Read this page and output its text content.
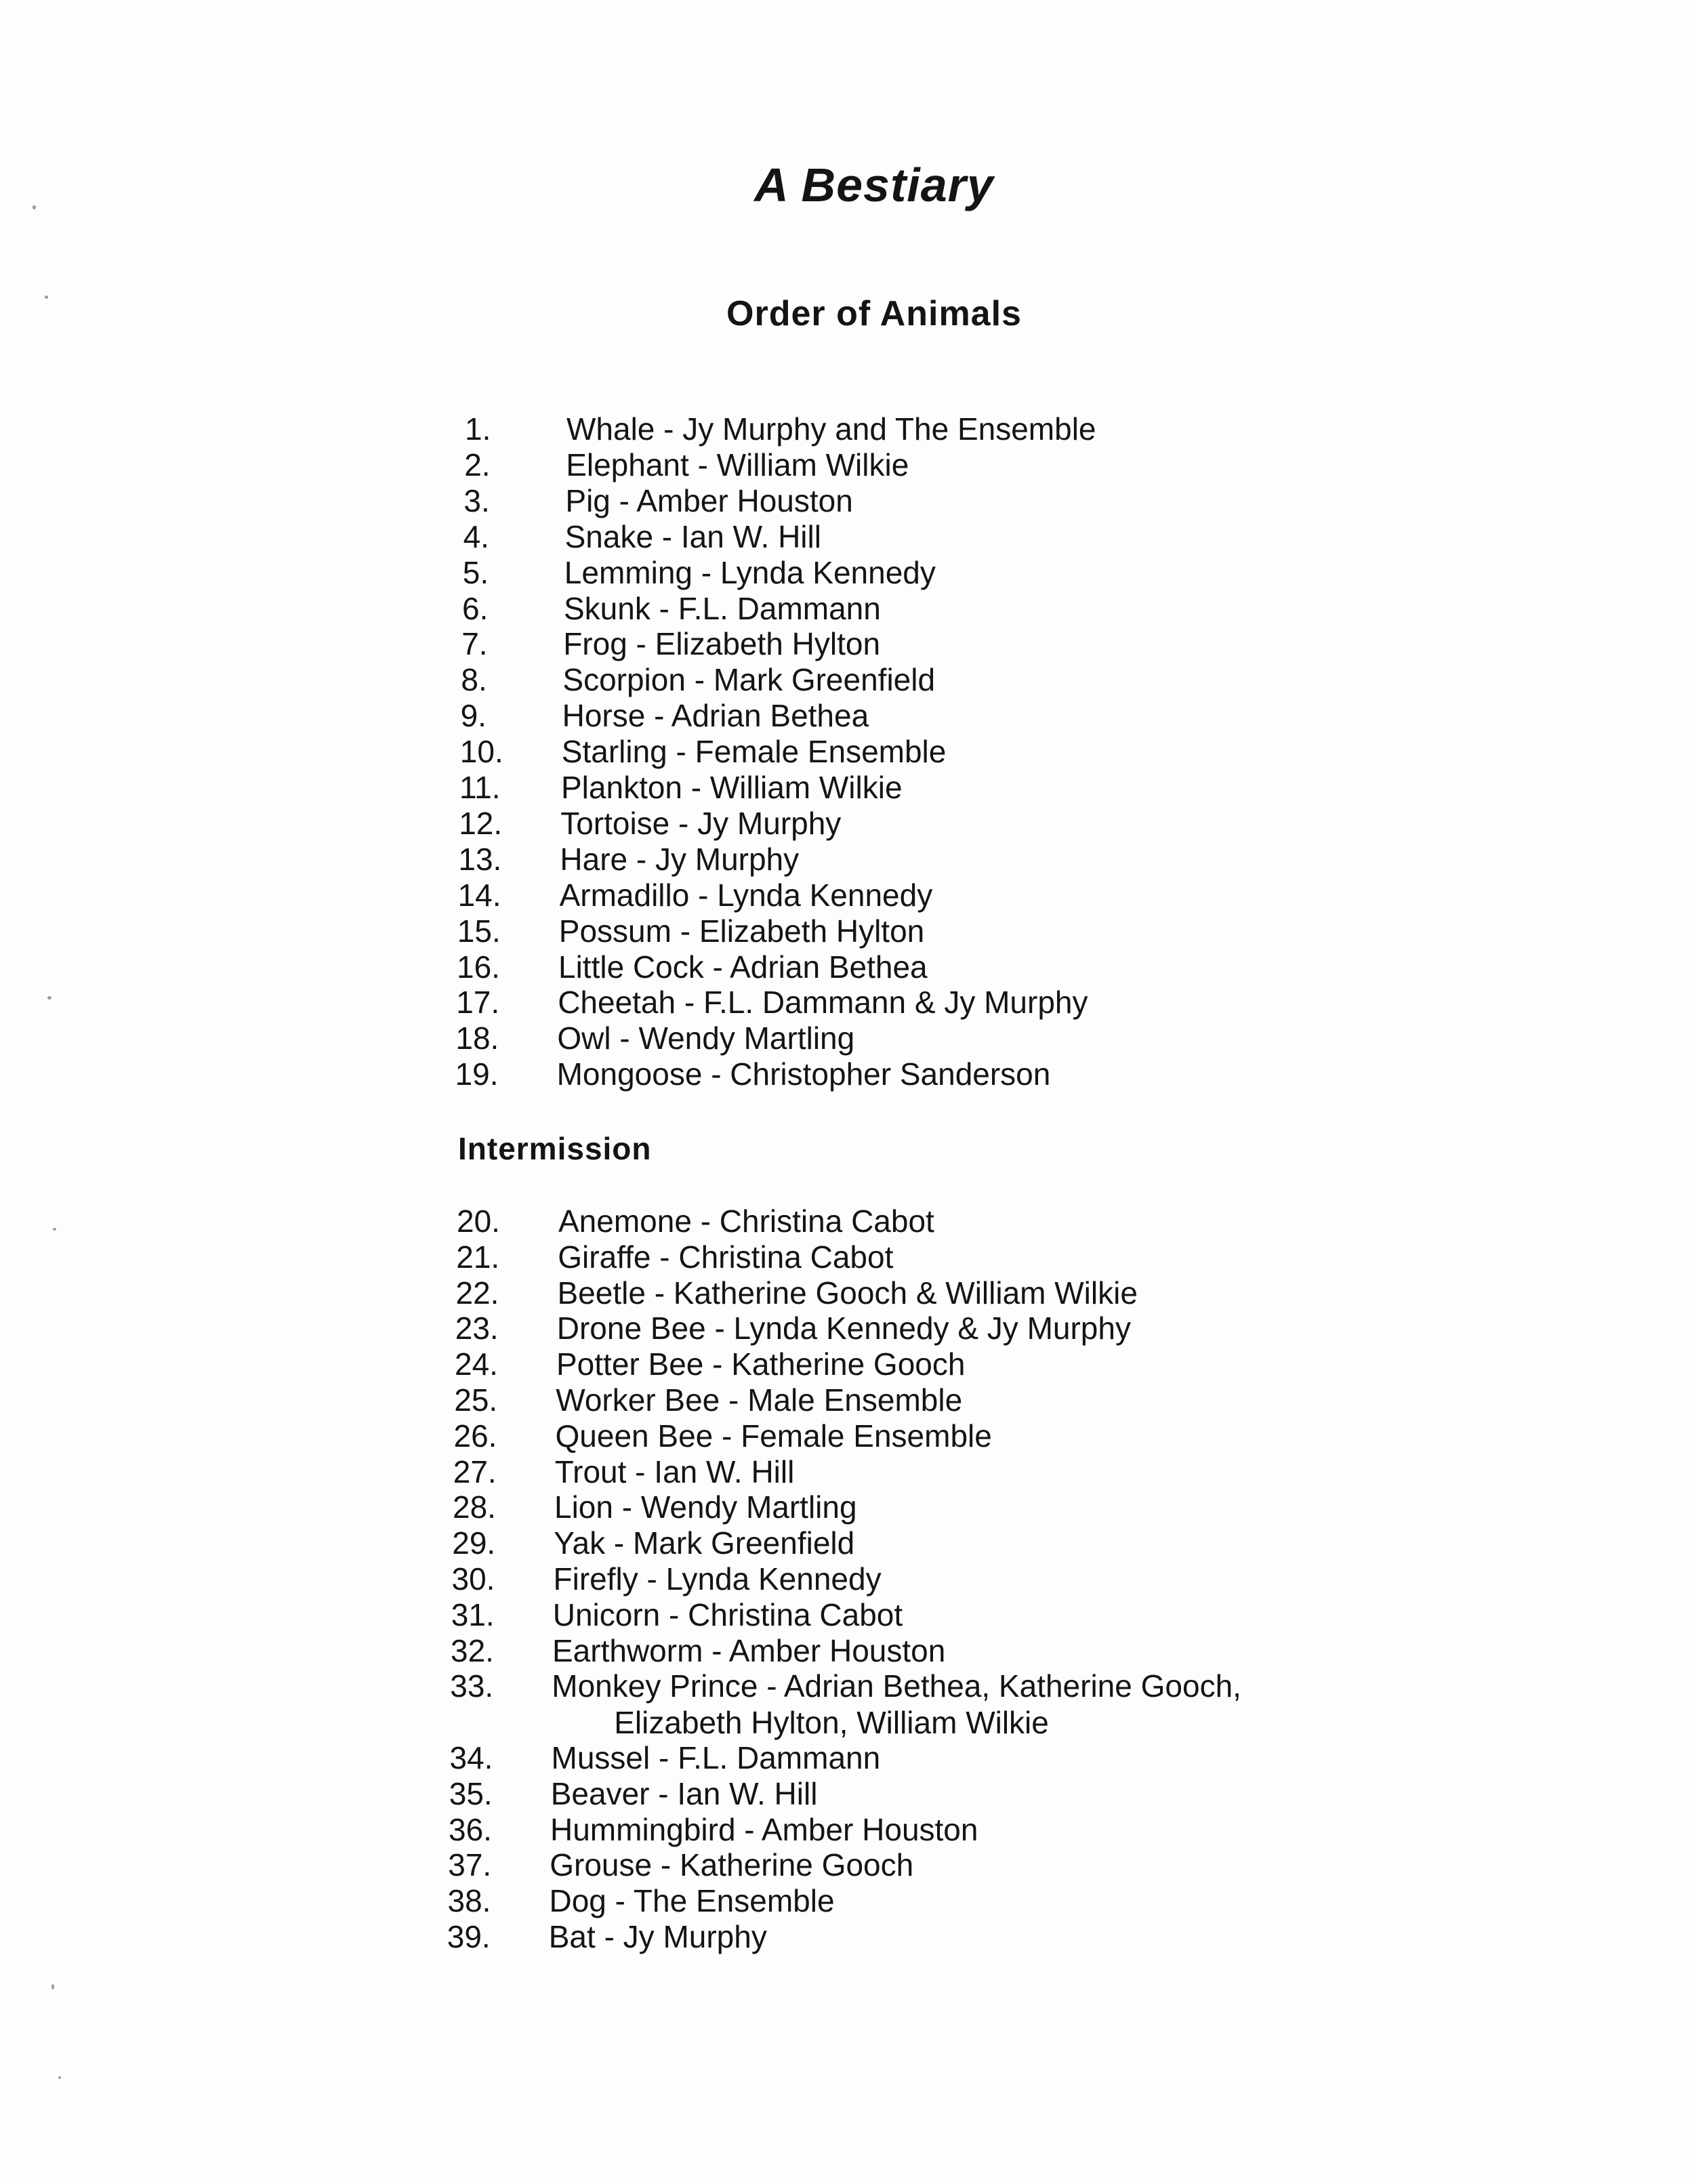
A Bestiary
Order of Animals
1. Whale - Jy Murphy and The Ensemble
2. Elephant - William Wilkie
3. Pig - Amber Houston
4. Snake - Ian W. Hill
5. Lemming - Lynda Kennedy
6. Skunk - F.L. Dammann
7. Frog - Elizabeth Hylton
8. Scorpion - Mark Greenfield
9. Horse - Adrian Bethea
10. Starling - Female Ensemble
11. Plankton - William Wilkie
12. Tortoise - Jy Murphy
13. Hare - Jy Murphy
14. Armadillo - Lynda Kennedy
15. Possum - Elizabeth Hylton
16. Little Cock - Adrian Bethea
17. Cheetah - F.L. Dammann & Jy Murphy
18. Owl - Wendy Martling
19. Mongoose - Christopher Sanderson
20. Anemone - Christina Cabot
21. Giraffe - Christina Cabot
22. Beetle - Katherine Gooch & William Wilkie
23. Drone Bee - Lynda Kennedy & Jy Murphy
24. Potter Bee - Katherine Gooch
25. Worker Bee - Male Ensemble
26. Queen Bee - Female Ensemble
27. Trout - Ian W. Hill
28. Lion - Wendy Martling
29. Yak - Mark Greenfield
30. Firefly - Lynda Kennedy
31. Unicorn - Christina Cabot
32. Earthworm - Amber Houston
33. Monkey Prince - Adrian Bethea, Katherine Gooch,
Elizabeth Hylton, William Wilkie
34. Mussel - F.L. Dammann
35. Beaver - Ian W. Hill
36. Hummingbird - Amber Houston
37. Grouse - Katherine Gooch
38. Dog - The Ensemble
39. Bat - Jy Murphy
Intermission
